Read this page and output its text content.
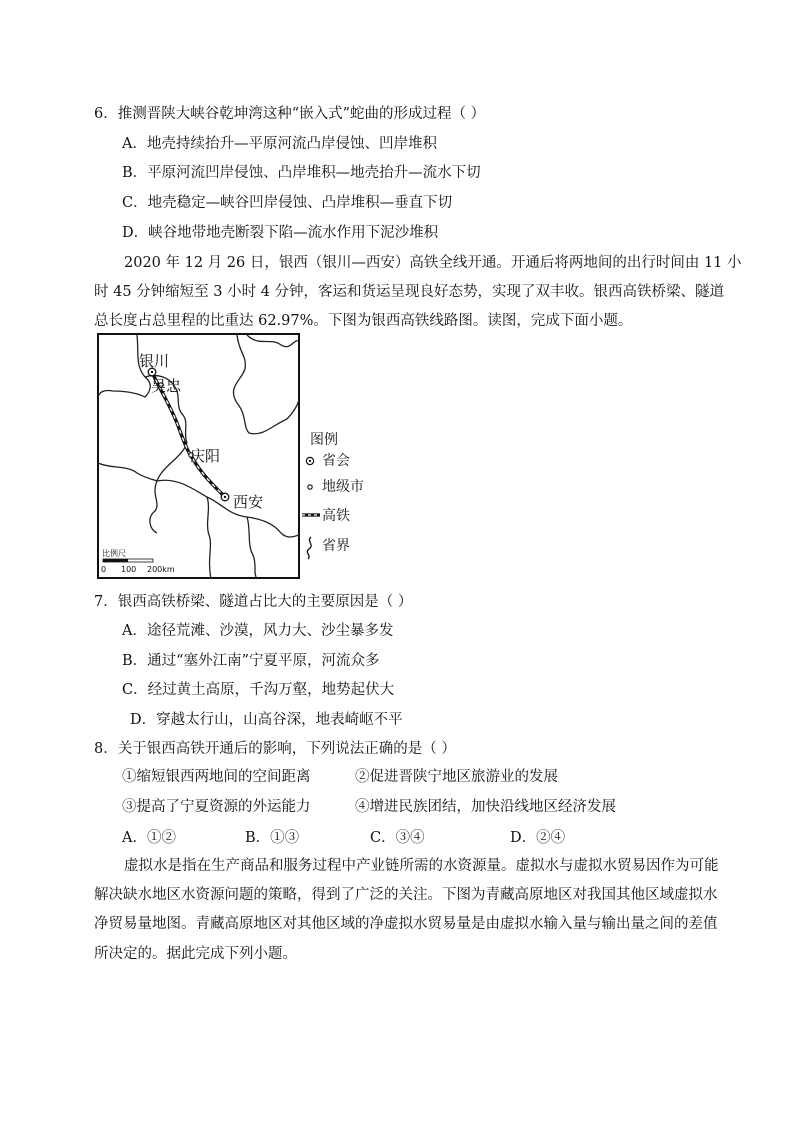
6．推测晋陕大峡谷乾坤湾这种“嵌入式”蛇曲的形成过程（ ）
A．地壳持续抬升—平原河流凸岸侵蚀、凹岸堆积
B．平原河流凹岸侵蚀、凸岸堆积—地壳抬升—流水下切
C．地壳稳定—峡谷凹岸侵蚀、凸岸堆积—垂直下切
D．峡谷地带地壳断裂下陷—流水作用下泥沙堆积
2020 年 12 月 26 日，银西（银川—西安）高铁全线开通。开通后将两地间的出行时间由 11 小
时 45 分钟缩短至 3 小时 4 分钟，客运和货运呈现良好态势，实现了双丰收。银西高铁桥梁、隧道
总长度占总里程的比重达 62.97%。下图为银西高铁线路图。读图，完成下面小题。
银川
吴忠
庆阳
西安
比例尺
0 100 200km
图例
省会
地级市
高铁
省界
7．银西高铁桥梁、隧道占比大的主要原因是（ ）
A．途径荒滩、沙漠，风力大、沙尘暴多发
B．通过“塞外江南”宁夏平原，河流众多
C．经过黄土高原，千沟万壑，地势起伏大
D．穿越太行山，山高谷深，地表崎岖不平
8．关于银西高铁开通后的影响，下列说法正确的是（ ）
①缩短银西两地间的空间距离	②促进晋陕宁地区旅游业的发展
③提高了宁夏资源的外运能力	④增进民族团结，加快沿线地区经济发展
A．①②	B．①③	C．③④	D．②④
虚拟水是指在生产商品和服务过程中产业链所需的水资源量。虚拟水与虚拟水贸易因作为可能
解决缺水地区水资源问题的策略，得到了广泛的关注。下图为青藏高原地区对我国其他区域虚拟水
净贸易量地图。青藏高原地区对其他区域的净虚拟水贸易量是由虚拟水输入量与输出量之间的差值
所决定的。据此完成下列小题。
